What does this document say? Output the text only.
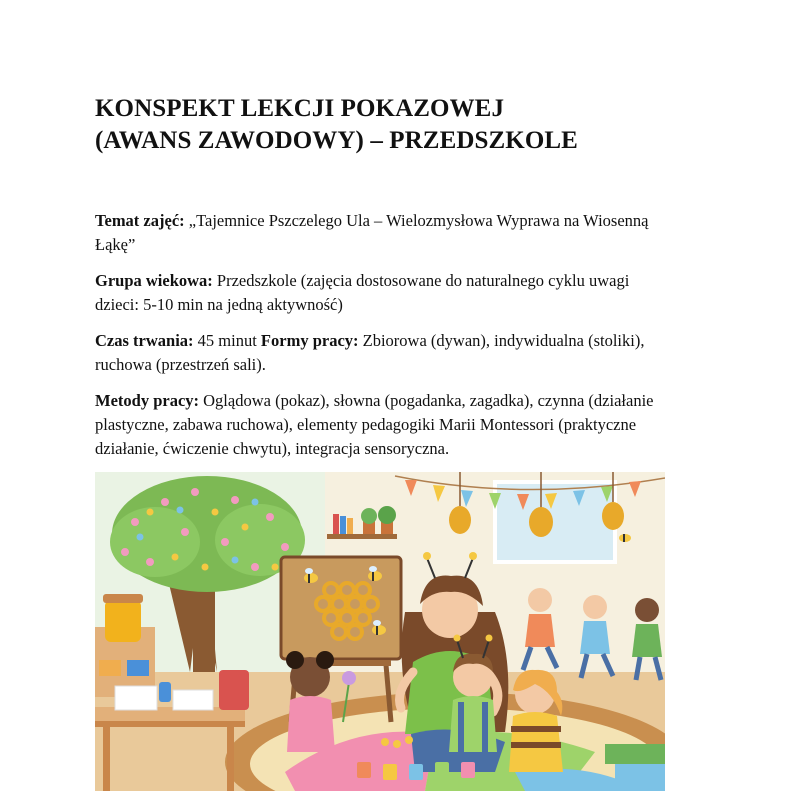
KONSPEKT LEKCJI POKAZOWEJ
(AWANS ZAWODOWY) – PRZEDSZKOLE

Temat zajęć: „Tajemnice Pszczelego Ula – Wielozmysłowa Wyprawa na Wiosenną Łąkę”

Grupa wiekowa: Przedszkole (zajęcia dostosowane do naturalnego cyklu uwagi dzieci: 5-10 min na jedną aktywność)

Czas trwania: 45 minut Formy pracy: Zbiorowa (dywan), indywidualna (stoliki), ruchowa (przestrzeń sali).

Metody pracy: Oglądowa (pokaz), słowna (pogadanka, zagadka), czynna (działanie plastyczne, zabawa ruchowa), elementy pedagogiki Marii Montessori (praktyczne działanie, ćwiczenie chwytu), integracja sensoryczna.
